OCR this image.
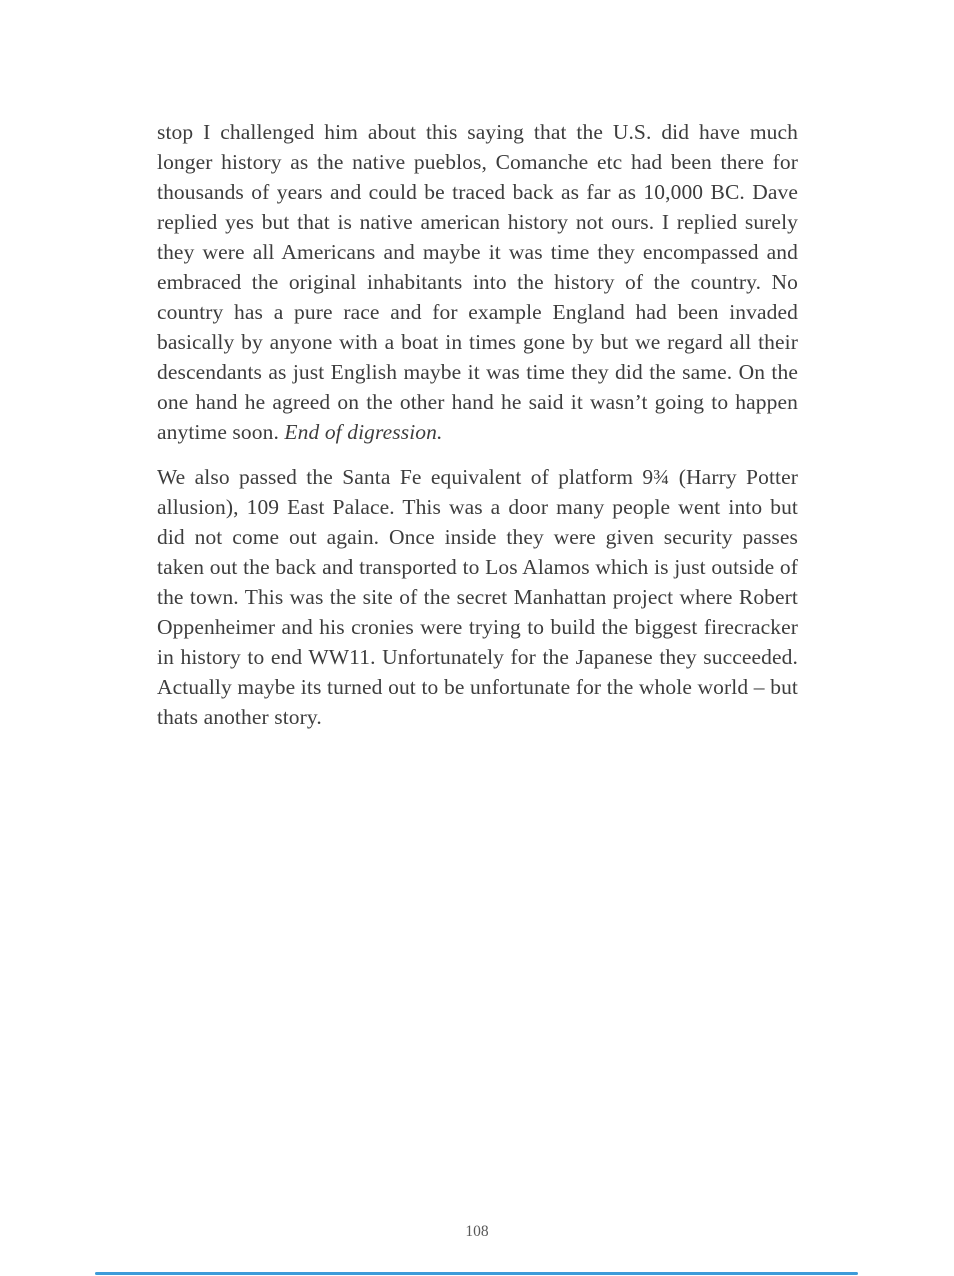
stop I challenged him about this saying that the U.S. did have much longer history as the native pueblos, Comanche etc had been there for thousands of years and could be traced back as far as 10,000 BC. Dave replied yes but that is native american history not ours. I replied surely they were all Americans and maybe it was time they encompassed and embraced the original inhabitants into the history of the country. No country has a pure race and for example England had been invaded basically by anyone with a boat in times gone by but we regard all their descendants as just English maybe it was time they did the same. On the one hand he agreed on the other hand he said it wasn’t going to happen anytime soon. End of digression.

We also passed the Santa Fe equivalent of platform 9¾ (Harry Potter allusion), 109 East Palace. This was a door many people went into but did not come out again. Once inside they were given security passes taken out the back and transported to Los Alamos which is just outside of the town. This was the site of the secret Manhattan project where Robert Oppenheimer and his cronies were trying to build the biggest firecracker in history to end WW11. Unfortunately for the Japanese they succeeded. Actually maybe its turned out to be unfortunate for the whole world – but thats another story.

108
